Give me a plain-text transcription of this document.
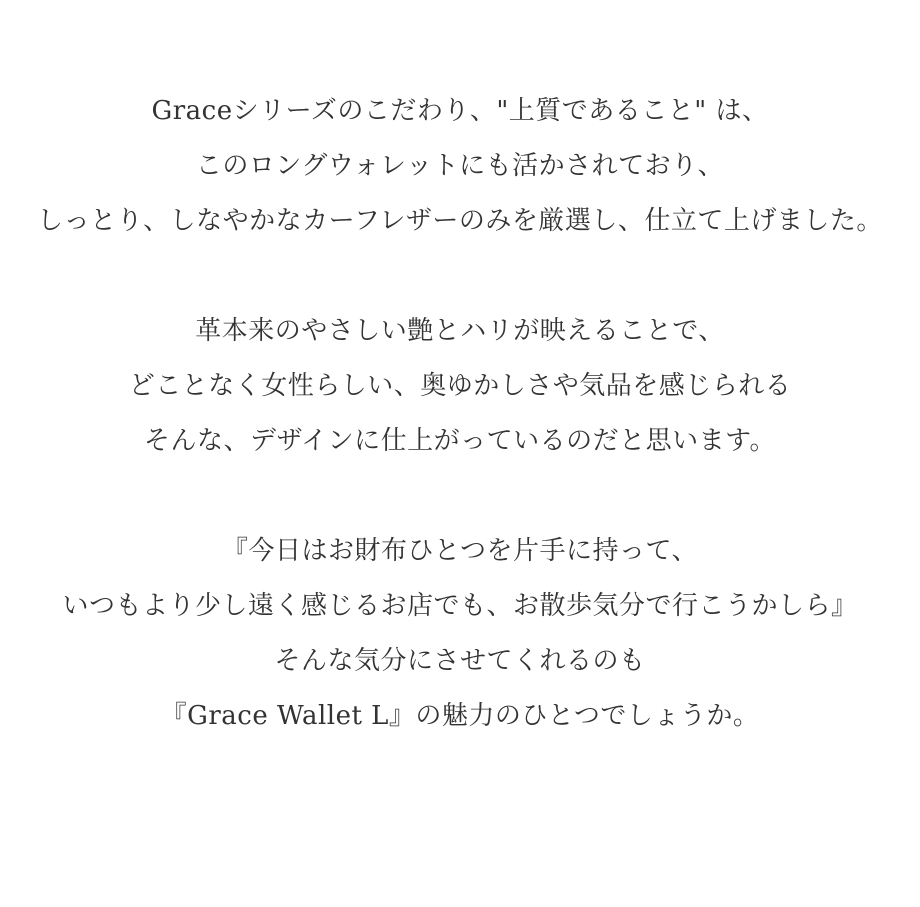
Graceシリーズのこだわり、"上質であること" は、

このロングウォレットにも活かされており、

しっとり、しなやかなカーフレザーのみを厳選し、仕立て上げました。

革本来のやさしい艶とハリが映えることで、

どことなく女性らしい、奥ゆかしさや気品を感じられる

そんな、デザインに仕上がっているのだと思います。

『今日はお財布ひとつを片手に持って、

いつもより少し遠く感じるお店でも、お散歩気分で行こうかしら』

そんな気分にさせてくれるのも

『Grace Wallet L』の魅力のひとつでしょうか。
